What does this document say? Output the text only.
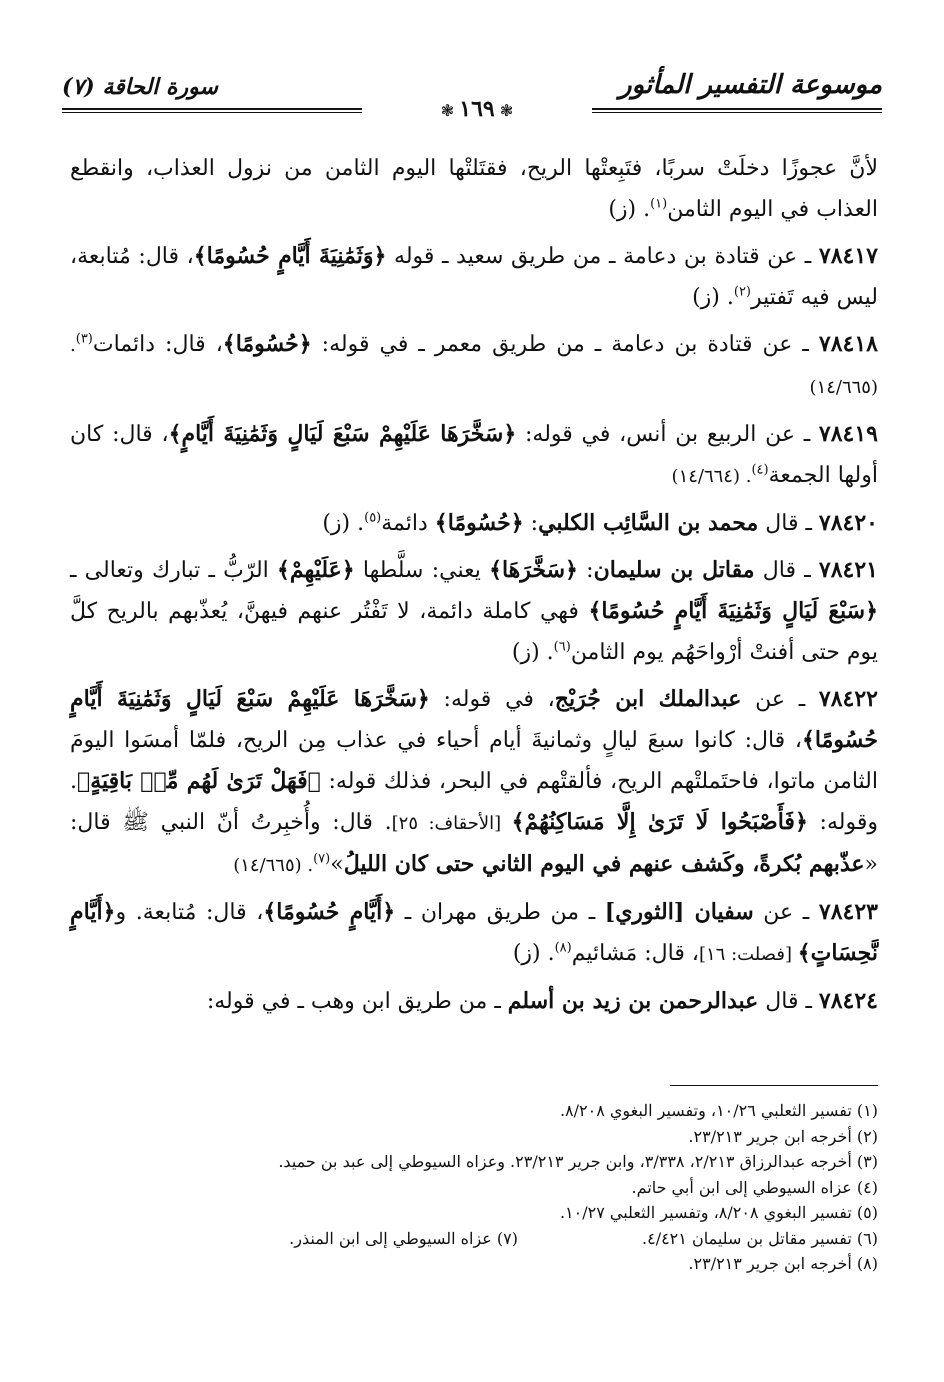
موسوعة التفسير المأثور
سورة الحاقة (٧)
❃ ١٦٩ ❃

لأنَّ عجوزًا دخلَتْ سربًا، فتَبِعتْها الريح، فقتَلتْها اليوم الثامن من نزول العذاب، وانقطع العذاب في اليوم الثامن$^{(١)}$. (ز)

٧٨٤١٧ ـ عن قتادة بن دعامة ـ من طريق سعيد ـ قوله ﴿وَثَمَٰنِيَةَ أَيَّامٍ حُسُومًا﴾، قال: مُتابعة، ليس فيه تَفتير$^{(٢)}$. (ز)

٧٨٤١٨ ـ عن قتادة بن دعامة ـ من طريق معمر ـ في قوله: ﴿حُسُومًا﴾، قال: دائمات$^{(٣)}$. (١٤/٦٦٥)

٧٨٤١٩ ـ عن الربيع بن أنس، في قوله: ﴿سَخَّرَهَا عَلَيْهِمْ سَبْعَ لَيَالٍ وَثَمَٰنِيَةَ أَيَّامٍ﴾، قال: كان أولها الجمعة$^{(٤)}$. (١٤/٦٦٤)

٧٨٤٢٠ ـ قال محمد بن السَّائِب الكلبي: ﴿حُسُومًا﴾ دائمة$^{(٥)}$. (ز)

٧٨٤٢١ ـ قال مقاتل بن سليمان: ﴿سَخَّرَهَا﴾ يعني: سلَّطها ﴿عَلَيْهِمْ﴾ الرّبُّ ـ تبارك وتعالى ـ ﴿سَبْعَ لَيَالٍ وَثَمَٰنِيَةَ أَيَّامٍ حُسُومًا﴾ فهي كاملة دائمة، لا تَفْتُر عنهم فيهنَّ، يُعذّبهم بالريح كلَّ يوم حتى أفنتْ أرْواحَهُم يوم الثامن$^{(٦)}$. (ز)

٧٨٤٢٢ ـ عن عبدالملك ابن جُرَيْج، في قوله: ﴿سَخَّرَهَا عَلَيْهِمْ سَبْعَ لَيَالٍ وَثَمَٰنِيَةَ أَيَّامٍ حُسُومًا﴾، قال: كانوا سبعَ ليالٍ وثمانيةَ أيام أحياء في عذاب مِن الريح، فلمّا أمسَوا اليومَ الثامن ماتوا، فاحتَملتْهم الريح، فألقتْهم في البحر، فذلك قوله: ﴿فَهَلْ تَرَىٰ لَهُم مِّنۢ بَاقِيَةٍ﴾. وقوله: ﴿فَأَصْبَحُوا لَا تَرَىٰ إِلَّا مَسَاكِنُهُمْ﴾ [الأحقاف: ٢٥]. قال: وأُخبِرتُ أنّ النبي ﷺ قال: «عذّبهم بُكرةً، وكَشف عنهم في اليوم الثاني حتى كان الليلُ»$^{(٧)}$. (١٤/٦٦٥)

٧٨٤٢٣ ـ عن سفيان [الثوري] ـ من طريق مهران ـ ﴿أَيَّامٍ حُسُومًا﴾، قال: مُتابعة. و﴿أَيَّامٍ نَّحِسَاتٍ﴾ [فصلت: ١٦]، قال: مَشائيم$^{(٨)}$. (ز)

٧٨٤٢٤ ـ قال عبدالرحمن بن زيد بن أسلم ـ من طريق ابن وهب ـ في قوله:

(١) تفسير الثعلبي ١٠/٢٦، وتفسير البغوي ٨/٢٠٨.

(٢) أخرجه ابن جرير ٢٣/٢١٣.

(٣) أخرجه عبدالرزاق ٢/٢١٣، ٣/٣٣٨، وابن جرير ٢٣/٢١٣. وعزاه السيوطي إلى عبد بن حميد.

(٤) عزاه السيوطي إلى ابن أبي حاتم.

(٥) تفسير البغوي ٨/٢٠٨، وتفسير الثعلبي ١٠/٢٧.

(٦) تفسير مقاتل بن سليمان ٤/٤٢١.

(٧) عزاه السيوطي إلى ابن المنذر.

(٨) أخرجه ابن جرير ٢٣/٢١٣.
